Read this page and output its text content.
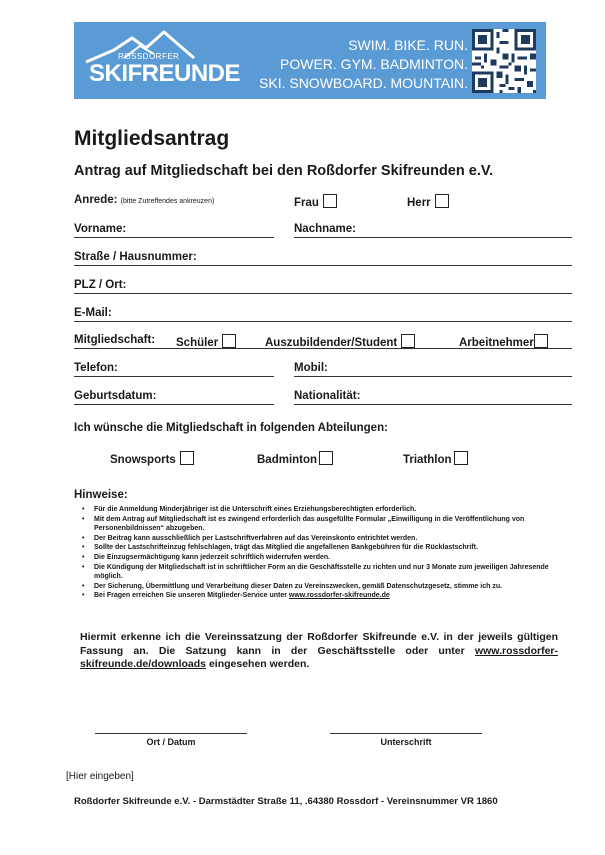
ROSSDORFER
SKIFREUNDE
SWIM. BIKE. RUN.
POWER. GYM. BADMINTON.
SKI. SNOWBOARD. MOUNTAIN.
Mitgliedsantrag
Antrag auf Mitgliedschaft bei den Roßdorfer Skifreunden e.V.
Anrede: (bitte Zutreffendes ankreuzen)	Frau	Herr
Vorname:	Nachname:
Straße / Hausnummer:
PLZ / Ort:
E-Mail:
Mitgliedschaft: Schüler	Auszubildender/Student	Arbeitnehmer
Telefon:	Mobil:
Geburtsdatum:	Nationalität:
Ich wünsche die Mitgliedschaft in folgenden Abteilungen:
Snowsports	Badminton	Triathlon
Hinweise:
• Für die Anmeldung Minderjähriger ist die Unterschrift eines Erziehungsberechtigten erforderlich.
• Mit dem Antrag auf Mitgliedschaft ist es zwingend erforderlich das ausgefüllte Formular „Einwilligung in die Veröffentlichung von Personenbildnissen“ abzugeben.
• Der Beitrag kann ausschließlich per Lastschriftverfahren auf das Vereinskonto entrichtet werden.
• Sollte der Lastschrifteinzug fehlschlagen, trägt das Mitglied die angefallenen Bankgebühren für die Rücklastschrift.
• Die Einzugsermächtigung kann jederzeit schriftlich widerrufen werden.
• Die Kündigung der Mitgliedschaft ist in schriftlicher Form an die Geschäftsstelle zu richten und nur 3 Monate zum jeweiligen Jahresende möglich.
• Der Sicherung, Übermittlung und Verarbeitung dieser Daten zu Vereinszwecken, gemäß Datenschutzgesetz, stimme ich zu.
• Bei Fragen erreichen Sie unseren Mitglieder-Service unter www.rossdorfer-skifreunde.de
Hiermit erkenne ich die Vereinssatzung der Roßdorfer Skifreunde e.V. in der jeweils gültigen Fassung an. Die Satzung kann in der Geschäftsstelle oder unter www.rossdorfer-skifreunde.de/downloads eingesehen werden.
Ort / Datum	Unterschrift
[Hier eingeben]
Roßdorfer Skifreunde e.V. - Darmstädter Straße 11, .64380 Rossdorf - Vereinsnummer VR 1860
